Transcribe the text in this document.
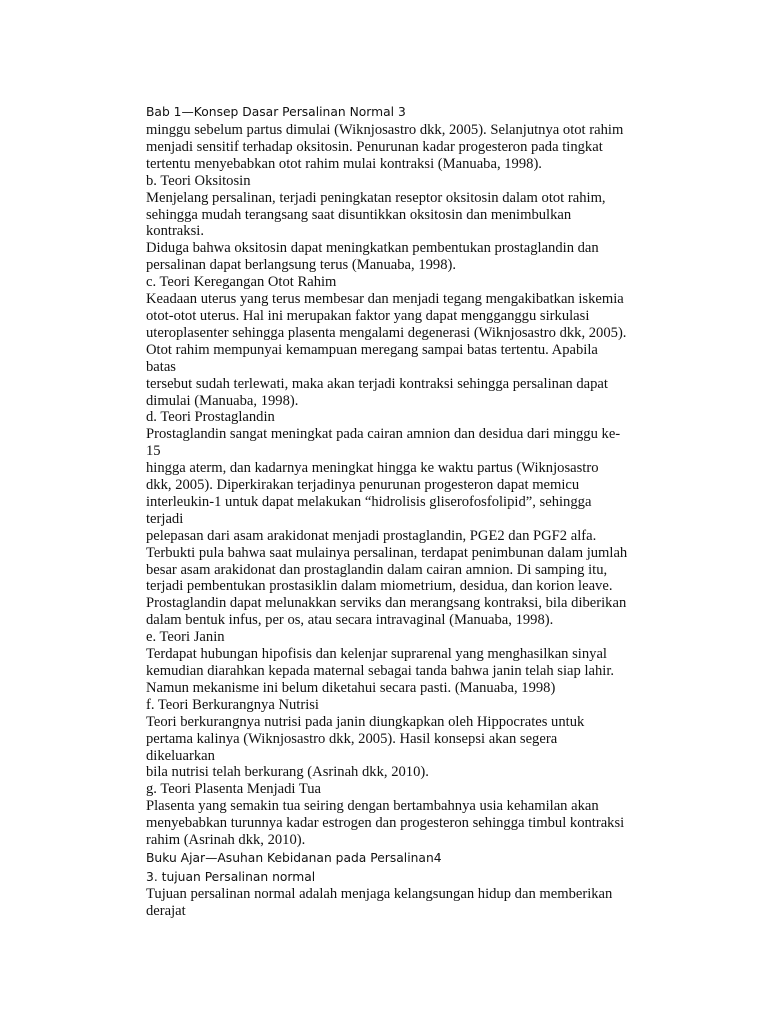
Bab 1—Konsep Dasar Persalinan Normal 3

minggu sebelum partus dimulai (Wiknjosastro dkk, 2005). Selanjutnya otot rahim

menjadi sensitif terhadap oksitosin. Penurunan kadar progesteron pada tingkat

tertentu menyebabkan otot rahim mulai kontraksi (Manuaba, 1998).

b. Teori Oksitosin

Menjelang persalinan, terjadi peningkatan reseptor oksitosin dalam otot rahim,

sehingga mudah terangsang saat disuntikkan oksitosin dan menimbulkan

kontraksi.

Diduga bahwa oksitosin dapat meningkatkan pembentukan prostaglandin dan

persalinan dapat berlangsung terus (Manuaba, 1998).

c. Teori Keregangan Otot Rahim

Keadaan uterus yang terus membesar dan menjadi tegang mengakibatkan iskemia

otot-otot uterus. Hal ini merupakan faktor yang dapat mengganggu sirkulasi

uteroplasenter sehingga plasenta mengalami degenerasi (Wiknjosastro dkk, 2005).

Otot rahim mempunyai kemampuan meregang sampai batas tertentu. Apabila

batas

tersebut sudah terlewati, maka akan terjadi kontraksi sehingga persalinan dapat

dimulai (Manuaba, 1998).

d. Teori Prostaglandin

Prostaglandin sangat meningkat pada cairan amnion dan desidua dari minggu ke-

15

hingga aterm, dan kadarnya meningkat hingga ke waktu partus (Wiknjosastro

dkk, 2005). Diperkirakan terjadinya penurunan progesteron dapat memicu

interleukin-1 untuk dapat melakukan “hidrolisis gliserofosfolipid”, sehingga

terjadi

pelepasan dari asam arakidonat menjadi prostaglandin, PGE2 dan PGF2 alfa.

Terbukti pula bahwa saat mulainya persalinan, terdapat penimbunan dalam jumlah

besar asam arakidonat dan prostaglandin dalam cairan amnion. Di samping itu,

terjadi pembentukan prostasiklin dalam miometrium, desidua, dan korion leave.

Prostaglandin dapat melunakkan serviks dan merangsang kontraksi, bila diberikan

dalam bentuk infus, per os, atau secara intravaginal (Manuaba, 1998).

e. Teori Janin

Terdapat hubungan hipofisis dan kelenjar suprarenal yang menghasilkan sinyal

kemudian diarahkan kepada maternal sebagai tanda bahwa janin telah siap lahir.

Namun mekanisme ini belum diketahui secara pasti. (Manuaba, 1998)

f. Teori Berkurangnya Nutrisi

Teori berkurangnya nutrisi pada janin diungkapkan oleh Hippocrates untuk

pertama kalinya (Wiknjosastro dkk, 2005). Hasil konsepsi akan segera

dikeluarkan

bila nutrisi telah berkurang (Asrinah dkk, 2010).

g. Teori Plasenta Menjadi Tua

Plasenta yang semakin tua seiring dengan bertambahnya usia kehamilan akan

menyebabkan turunnya kadar estrogen dan progesteron sehingga timbul kontraksi

rahim (Asrinah dkk, 2010).

Buku Ajar—Asuhan Kebidanan pada Persalinan4

3. tujuan Persalinan normal

Tujuan persalinan normal adalah menjaga kelangsungan hidup dan memberikan

derajat
